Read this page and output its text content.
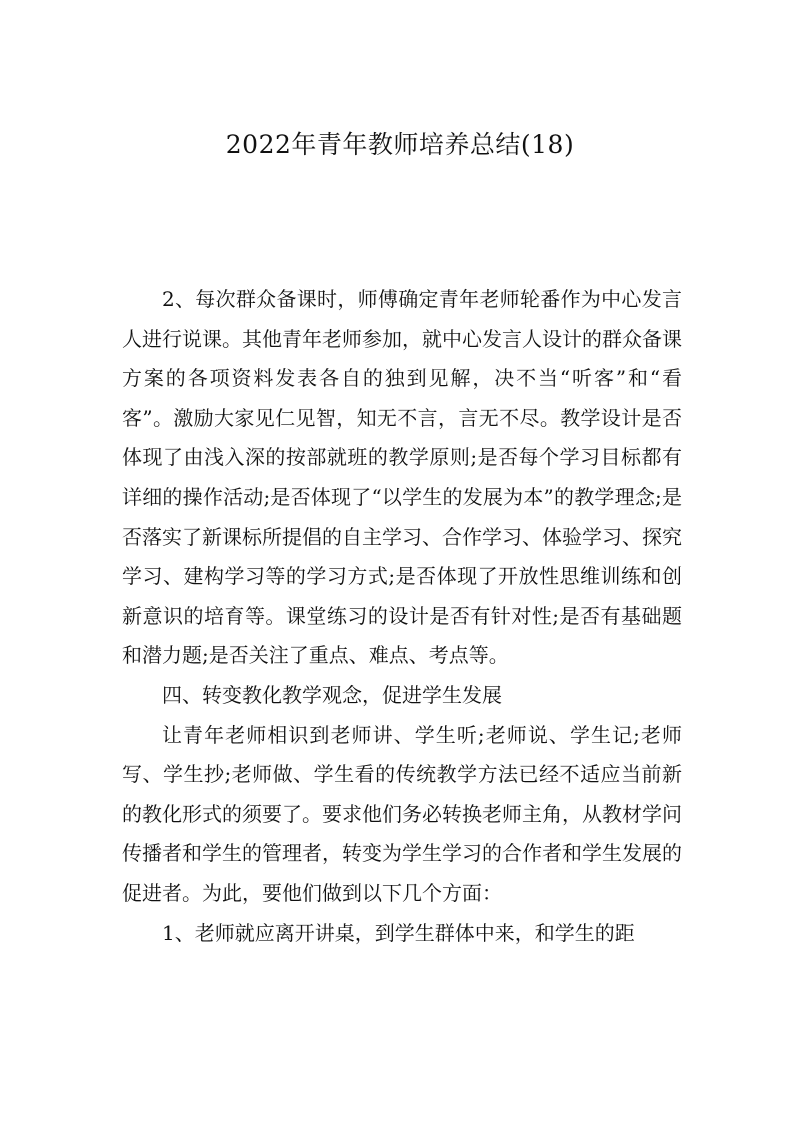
2022年青年教师培养总结(18)

2、每次群众备课时，师傅确定青年老师轮番作为中心发言人进行说课。其他青年老师参加，就中心发言人设计的群众备课方案的各项资料发表各自的独到见解，决不当“听客”和“看客”。激励大家见仁见智，知无不言，言无不尽。教学设计是否体现了由浅入深的按部就班的教学原则;是否每个学习目标都有详细的操作活动;是否体现了“以学生的发展为本”的教学理念;是否落实了新课标所提倡的自主学习、合作学习、体验学习、探究学习、建构学习等的学习方式;是否体现了开放性思维训练和创新意识的培育等。课堂练习的设计是否有针对性;是否有基础题和潜力题;是否关注了重点、难点、考点等。

四、转变教化教学观念，促进学生发展

让青年老师相识到老师讲、学生听;老师说、学生记;老师写、学生抄;老师做、学生看的传统教学方法已经不适应当前新的教化形式的须要了。要求他们务必转换老师主角，从教材学问传播者和学生的管理者，转变为学生学习的合作者和学生发展的促进者。为此，要他们做到以下几个方面：

1、老师就应离开讲桌，到学生群体中来，和学生的距
